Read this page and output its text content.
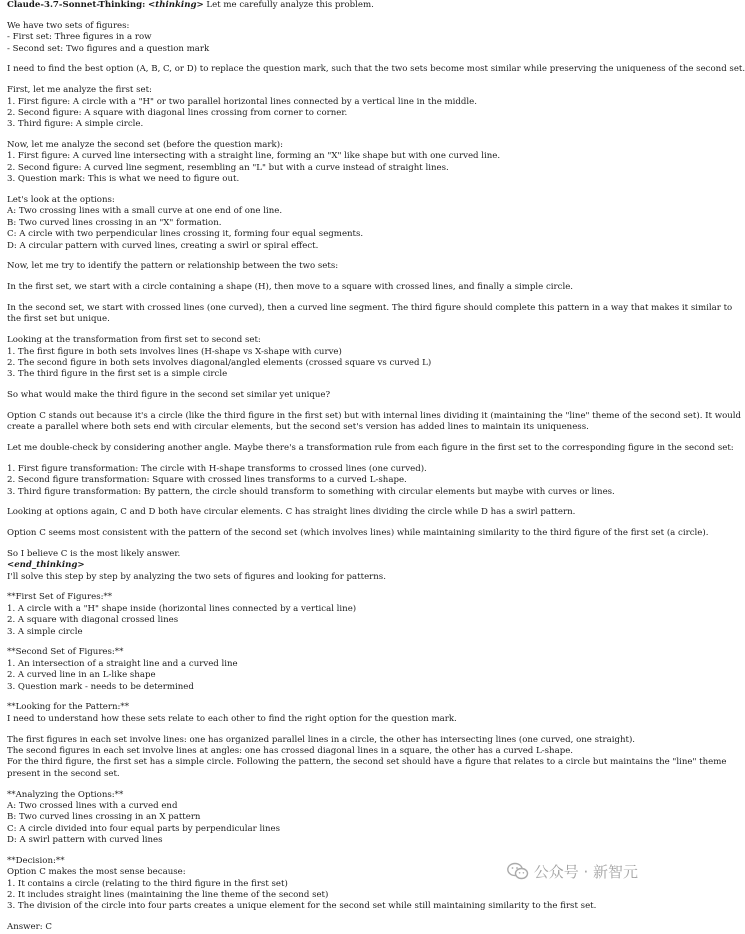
Claude-3.7-Sonnet-Thinking: <thinking> Let me carefully analyze this problem.
We have two sets of figures:
- First set: Three figures in a row
- Second set: Two figures and a question mark
I need to find the best option (A, B, C, or D) to replace the question mark, such that the two sets become most similar while preserving the uniqueness of the second set.
First, let me analyze the first set:
1. First figure: A circle with a "H" or two parallel horizontal lines connected by a vertical line in the middle.
2. Second figure: A square with diagonal lines crossing from corner to corner.
3. Third figure: A simple circle.
Now, let me analyze the second set (before the question mark):
1. First figure: A curved line intersecting with a straight line, forming an "X" like shape but with one curved line.
2. Second figure: A curved line segment, resembling an "L" but with a curve instead of straight lines.
3. Question mark: This is what we need to figure out.
Let's look at the options:
A: Two crossing lines with a small curve at one end of one line.
B: Two curved lines crossing in an "X" formation.
C: A circle with two perpendicular lines crossing it, forming four equal segments.
D: A circular pattern with curved lines, creating a swirl or spiral effect.
Now, let me try to identify the pattern or relationship between the two sets:
In the first set, we start with a circle containing a shape (H), then move to a square with crossed lines, and finally a simple circle.
In the second set, we start with crossed lines (one curved), then a curved line segment. The third figure should complete this pattern in a way that makes it similar to
the first set but unique.
Looking at the transformation from first set to second set:
1. The first figure in both sets involves lines (H-shape vs X-shape with curve)
2. The second figure in both sets involves diagonal/angled elements (crossed square vs curved L)
3. The third figure in the first set is a simple circle
So what would make the third figure in the second set similar yet unique?
Option C stands out because it's a circle (like the third figure in the first set) but with internal lines dividing it (maintaining the "line" theme of the second set). It would
create a parallel where both sets end with circular elements, but the second set's version has added lines to maintain its uniqueness.
Let me double-check by considering another angle. Maybe there's a transformation rule from each figure in the first set to the corresponding figure in the second set:
1. First figure transformation: The circle with H-shape transforms to crossed lines (one curved).
2. Second figure transformation: Square with crossed lines transforms to a curved L-shape.
3. Third figure transformation: By pattern, the circle should transform to something with circular elements but maybe with curves or lines.
Looking at options again, C and D both have circular elements. C has straight lines dividing the circle while D has a swirl pattern.
Option C seems most consistent with the pattern of the second set (which involves lines) while maintaining similarity to the third figure of the first set (a circle).
So I believe C is the most likely answer.
<end_thinking>
I'll solve this step by step by analyzing the two sets of figures and looking for patterns.
**First Set of Figures:**
1. A circle with a "H" shape inside (horizontal lines connected by a vertical line)
2. A square with diagonal crossed lines
3. A simple circle
**Second Set of Figures:**
1. An intersection of a straight line and a curved line
2. A curved line in an L-like shape
3. Question mark - needs to be determined
**Looking for the Pattern:**
I need to understand how these sets relate to each other to find the right option for the question mark.
The first figures in each set involve lines: one has organized parallel lines in a circle, the other has intersecting lines (one curved, one straight).
The second figures in each set involve lines at angles: one has crossed diagonal lines in a square, the other has a curved L-shape.
For the third figure, the first set has a simple circle. Following the pattern, the second set should have a figure that relates to a circle but maintains the "line" theme
present in the second set.
**Analyzing the Options:**
A: Two crossed lines with a curved end
B: Two curved lines crossing in an X pattern
C: A circle divided into four equal parts by perpendicular lines
D: A swirl pattern with curved lines
**Decision:**
Option C makes the most sense because:
1. It contains a circle (relating to the third figure in the first set)
2. It includes straight lines (maintaining the line theme of the second set)
3. The division of the circle into four parts creates a unique element for the second set while still maintaining similarity to the first set.
Answer: C
公众号 · 新智元
